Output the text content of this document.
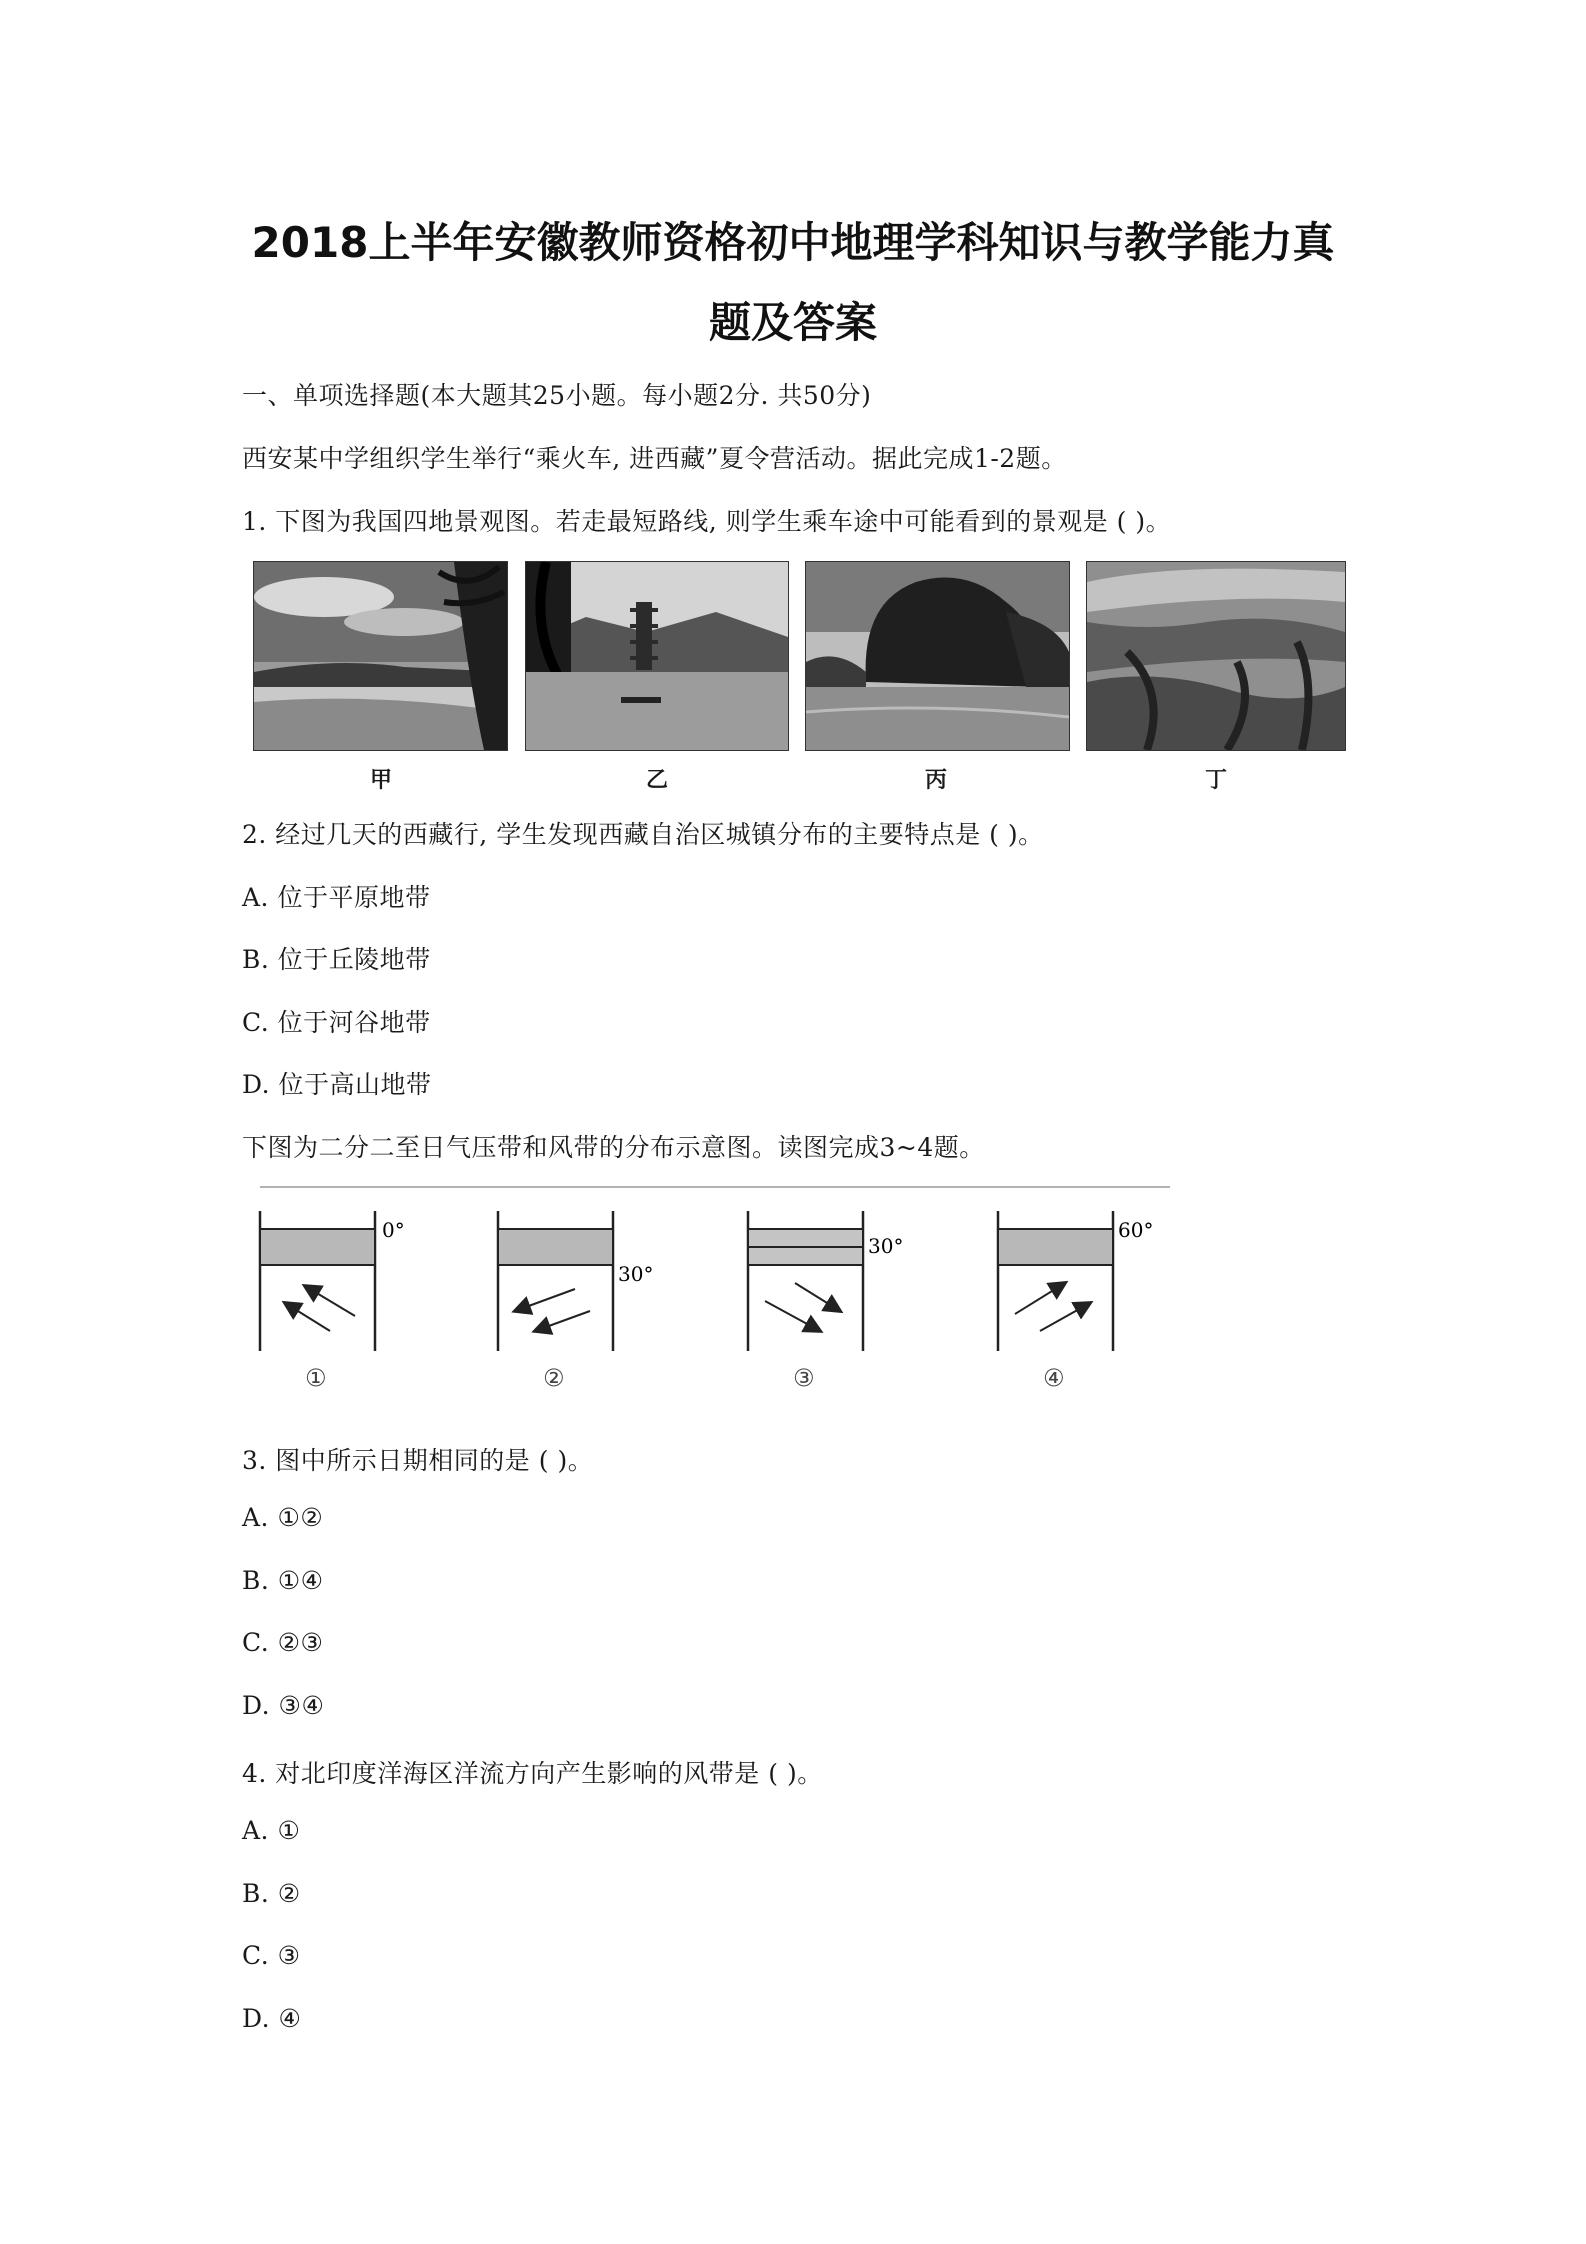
2018上半年安徽教师资格初中地理学科知识与教学能力真
题及答案
一、单项选择题(本大题其25小题。每小题2分. 共50分)
西安某中学组织学生举行“乘火车, 进西藏”夏令营活动。据此完成1-2题。
1. 下图为我国四地景观图。若走最短路线, 则学生乘车途中可能看到的景观是 ( )。
甲	乙	丙	丁
2. 经过几天的西藏行, 学生发现西藏自治区城镇分布的主要特点是 ( )。
A. 位于平原地带
B. 位于丘陵地带
C. 位于河谷地带
D. 位于高山地带
下图为二分二至日气压带和风带的分布示意图。读图完成3~4题。
0°
①
30°
②
30°
③
60°
④
3. 图中所示日期相同的是 ( )。
A. ①②
B. ①④
C. ②③
D. ③④
4. 对北印度洋海区洋流方向产生影响的风带是 ( )。
A. ①
B. ②
C. ③
D. ④
